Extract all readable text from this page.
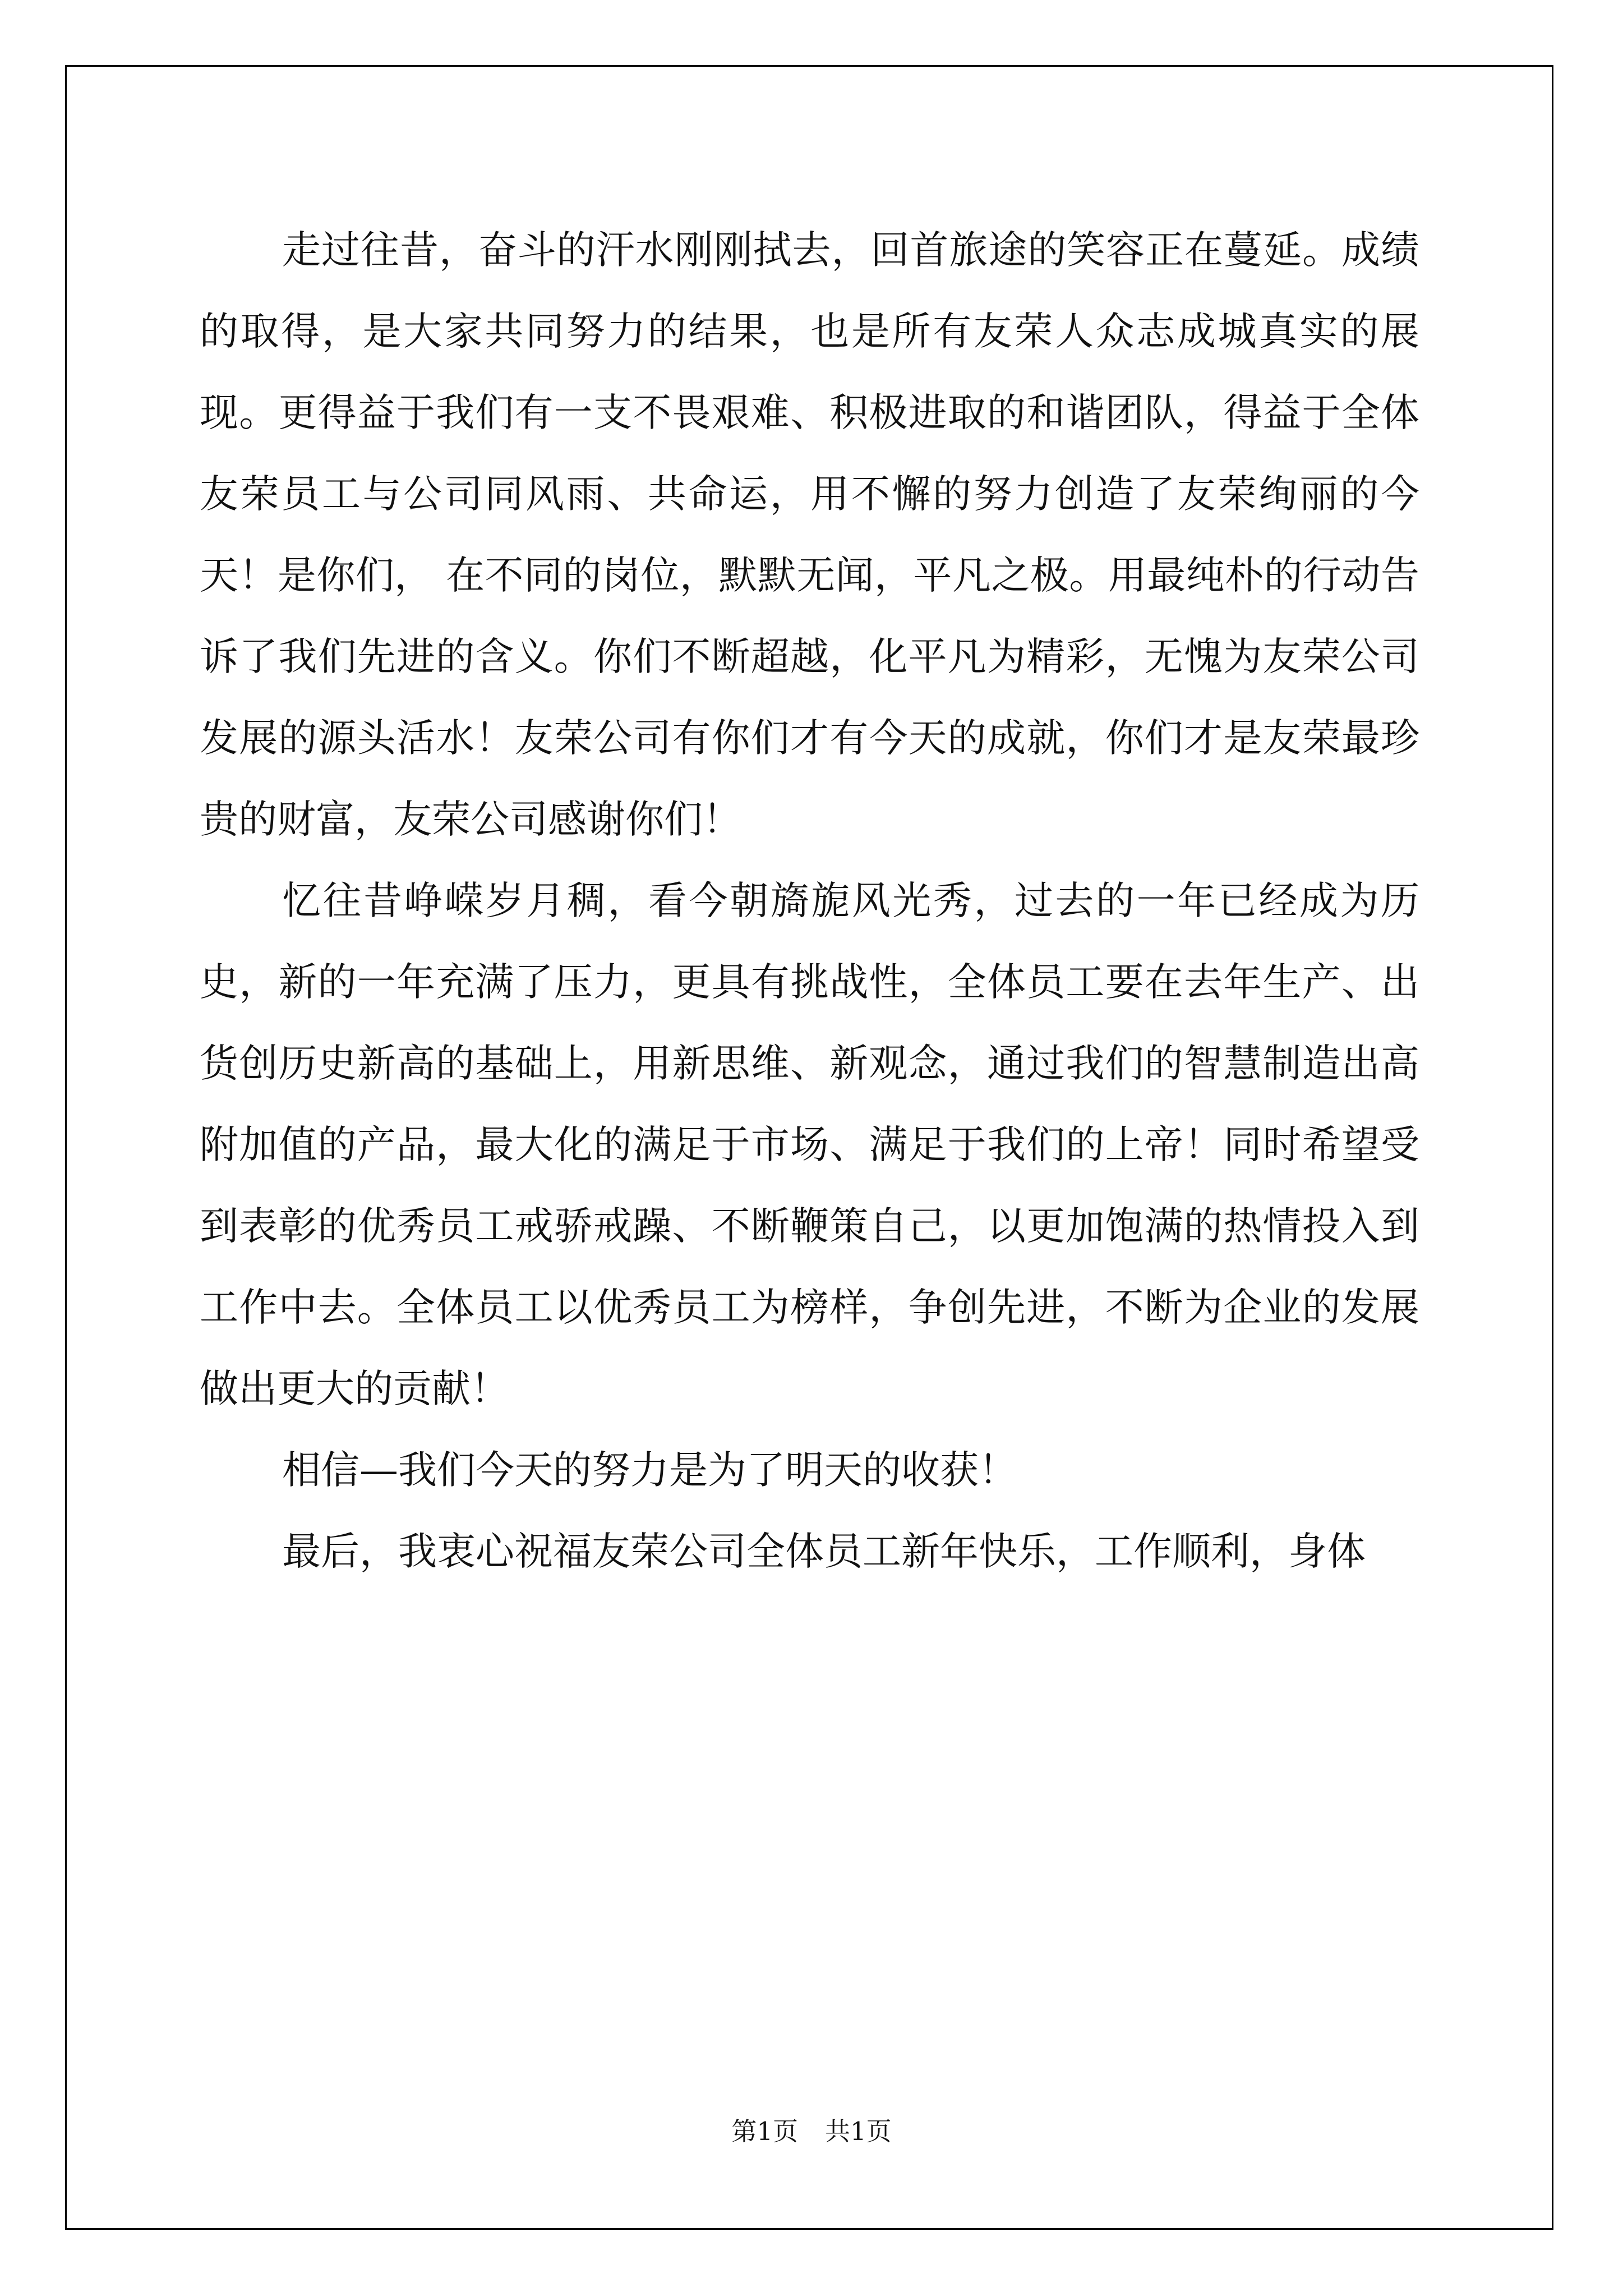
走过往昔，奋斗的汗水刚刚拭去，回首旅途的笑容正在蔓延。成绩的取得，是大家共同努力的结果，也是所有友荣人众志成城真实的展现。更得益于我们有一支不畏艰难、积极进取的和谐团队，得益于全体友荣员工与公司同风雨、共命运，用不懈的努力创造了友荣绚丽的今天！是你们， 在不同的岗位，默默无闻，平凡之极。用最纯朴的行动告诉了我们先进的含义。你们不断超越，化平凡为精彩，无愧为友荣公司发展的源头活水！友荣公司有你们才有今天的成就，你们才是友荣最珍贵的财富，友荣公司感谢你们！

忆往昔峥嵘岁月稠，看今朝旖旎风光秀，过去的一年已经成为历史，新的一年充满了压力，更具有挑战性，全体员工要在去年生产、出货创历史新高的基础上，用新思维、新观念，通过我们的智慧制造出高附加值的产品，最大化的满足于市场、满足于我们的上帝！同时希望受到表彰的优秀员工戒骄戒躁、不断鞭策自己，以更加饱满的热情投入到工作中去。全体员工以优秀员工为榜样，争创先进，不断为企业的发展做出更大的贡献！

相信—我们今天的努力是为了明天的收获！

最后，我衷心祝福友荣公司全体员工新年快乐，工作顺利，身体

第1页 共1页
